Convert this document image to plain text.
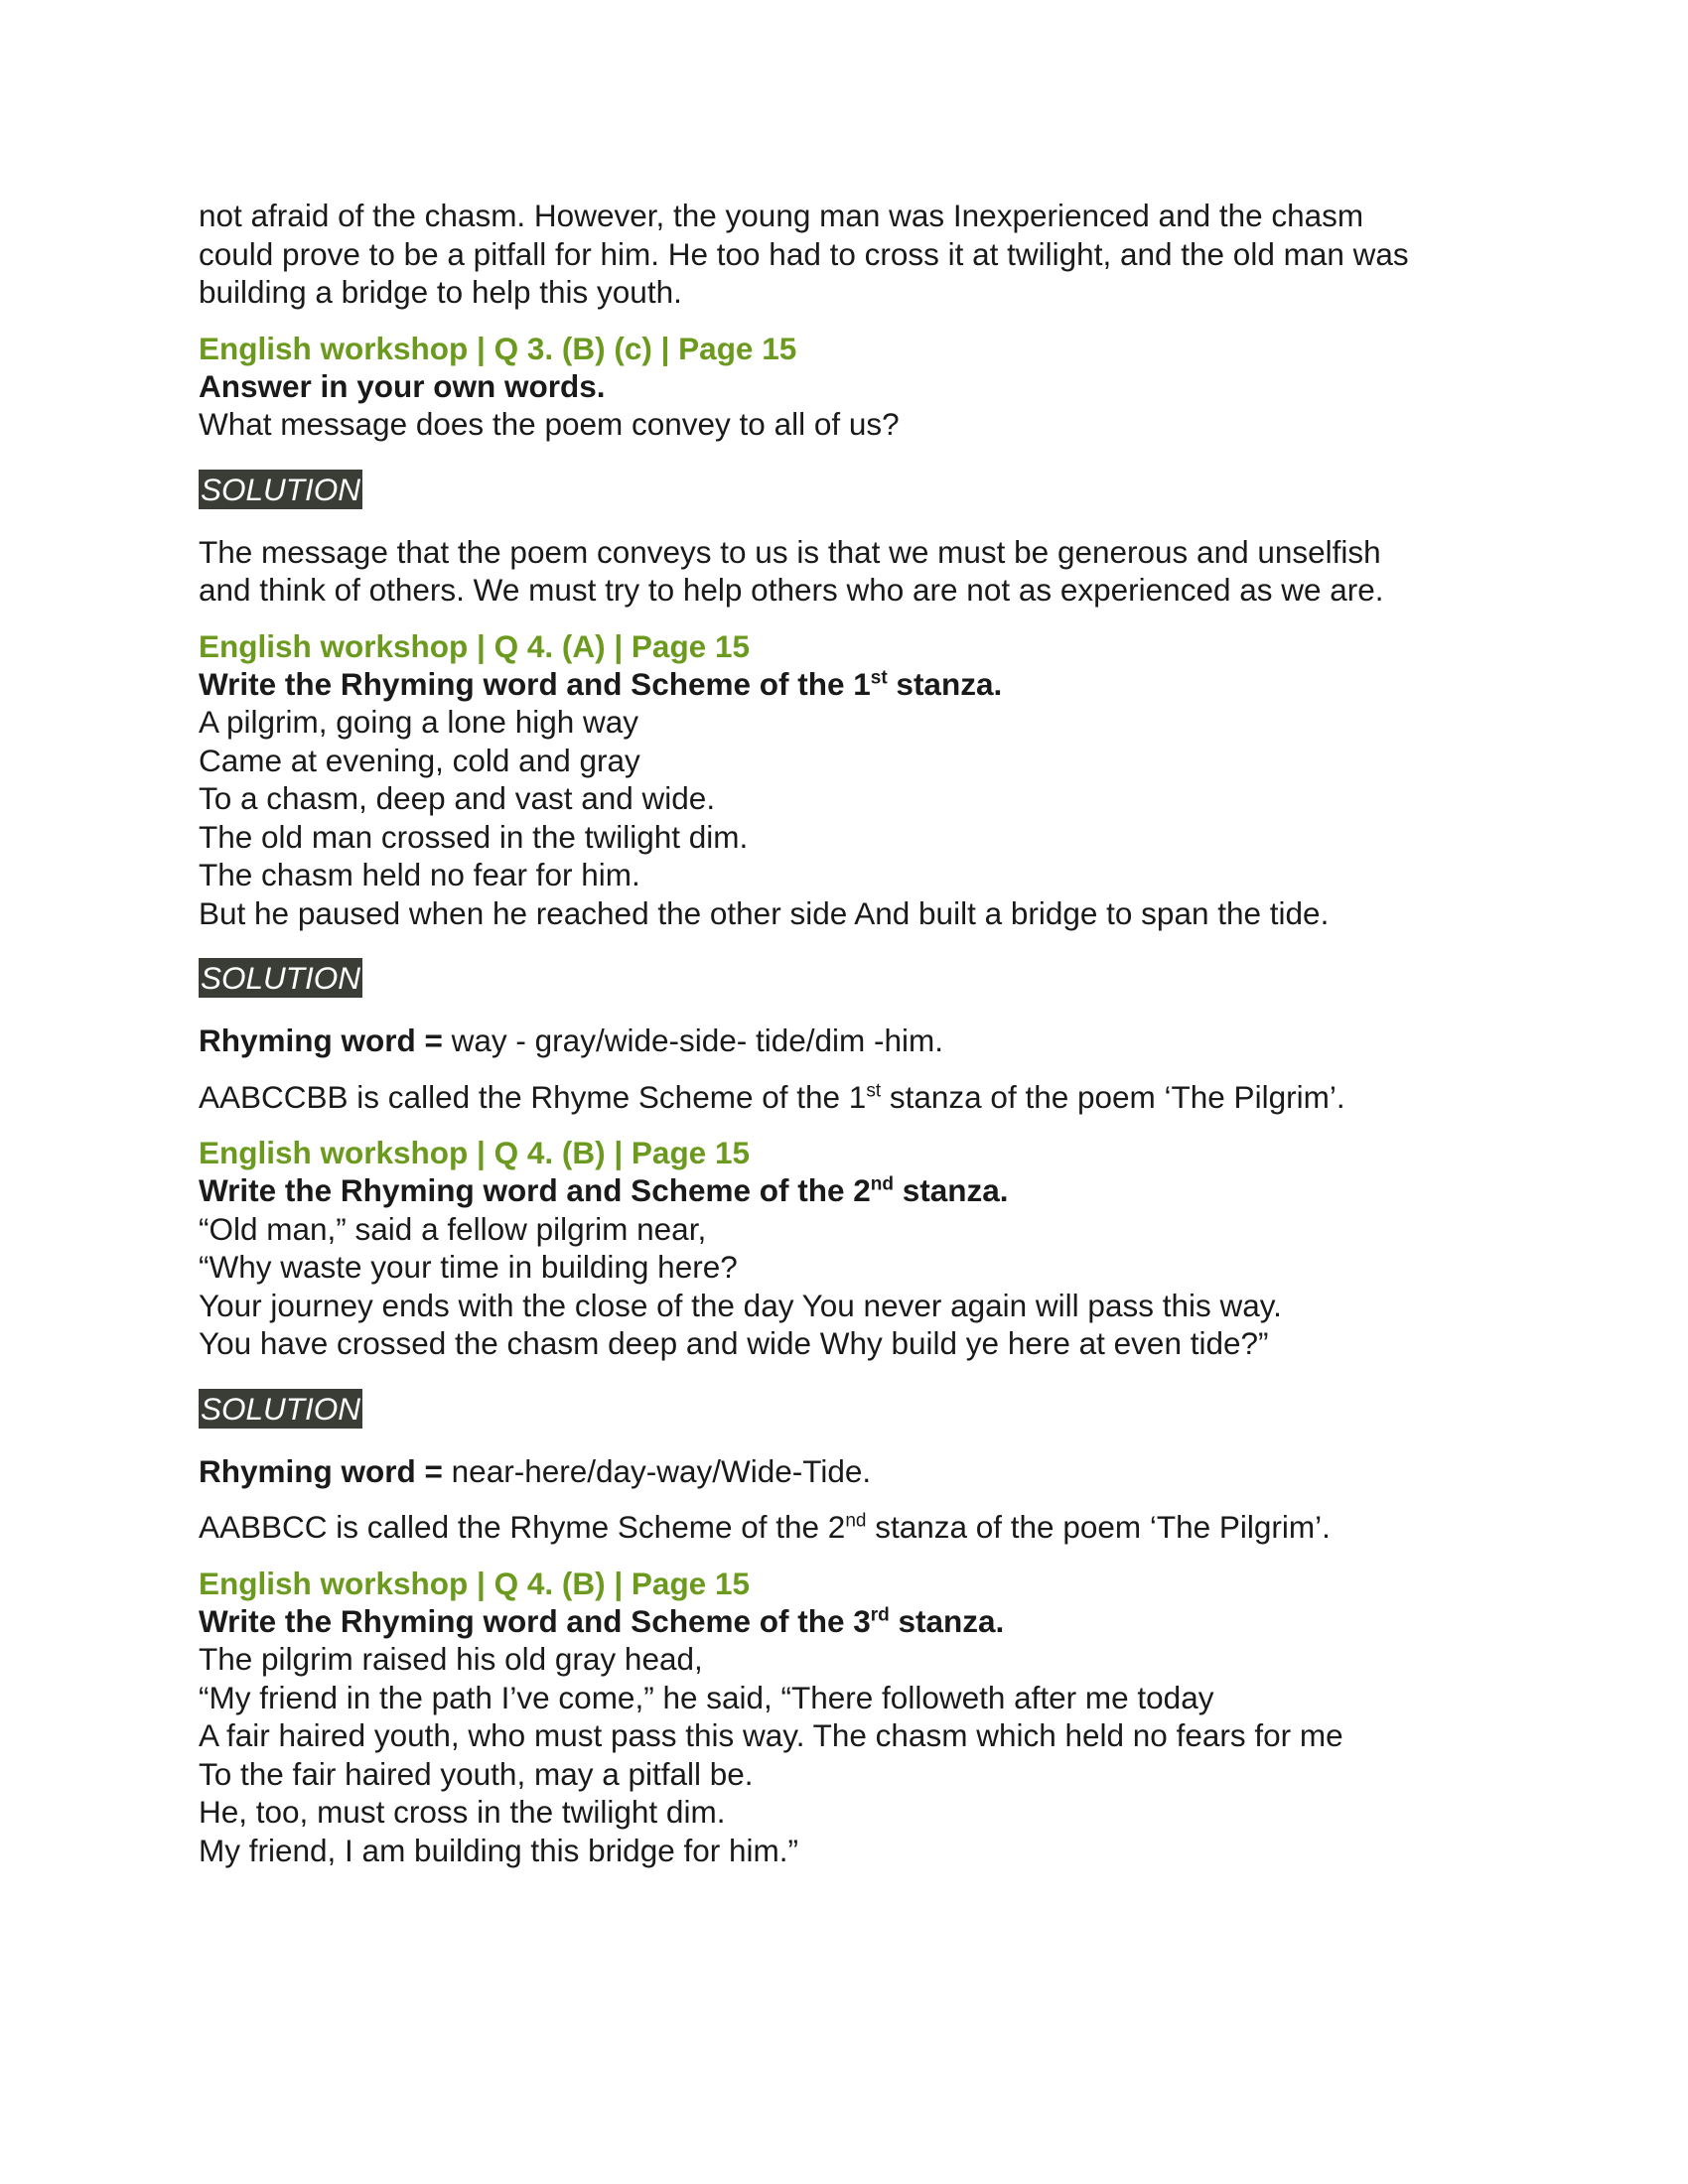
not afraid of the chasm. However, the young man was Inexperienced and the chasm

could prove to be a pitfall for him. He too had to cross it at twilight, and the old man was

building a bridge to help this youth.

English workshop | Q 3. (B) (c) | Page 15

Answer in your own words.

What message does the poem convey to all of us?

SOLUTION

The message that the poem conveys to us is that we must be generous and unselfish

and think of others. We must try to help others who are not as experienced as we are.

English workshop | Q 4. (A) | Page 15

Write the Rhyming word and Scheme of the 1st stanza.

A pilgrim, going a lone high way

Came at evening, cold and gray

To a chasm, deep and vast and wide.

The old man crossed in the twilight dim.

The chasm held no fear for him.

But he paused when he reached the other side And built a bridge to span the tide.

SOLUTION

Rhyming word = way - gray/wide-side- tide/dim -him.

AABCCBB is called the Rhyme Scheme of the 1st stanza of the poem ‘The Pilgrim’.

English workshop | Q 4. (B) | Page 15

Write the Rhyming word and Scheme of the 2nd stanza.

“Old man,” said a fellow pilgrim near,

“Why waste your time in building here?

Your journey ends with the close of the day You never again will pass this way.

You have crossed the chasm deep and wide Why build ye here at even tide?”

SOLUTION

Rhyming word = near-here/day-way/Wide-Tide.

AABBCC is called the Rhyme Scheme of the 2nd stanza of the poem ‘The Pilgrim’.

English workshop | Q 4. (B) | Page 15

Write the Rhyming word and Scheme of the 3rd stanza.

The pilgrim raised his old gray head,

“My friend in the path I’ve come,” he said, “There followeth after me today

A fair haired youth, who must pass this way. The chasm which held no fears for me

To the fair haired youth, may a pitfall be.

He, too, must cross in the twilight dim.

My friend, I am building this bridge for him.”
